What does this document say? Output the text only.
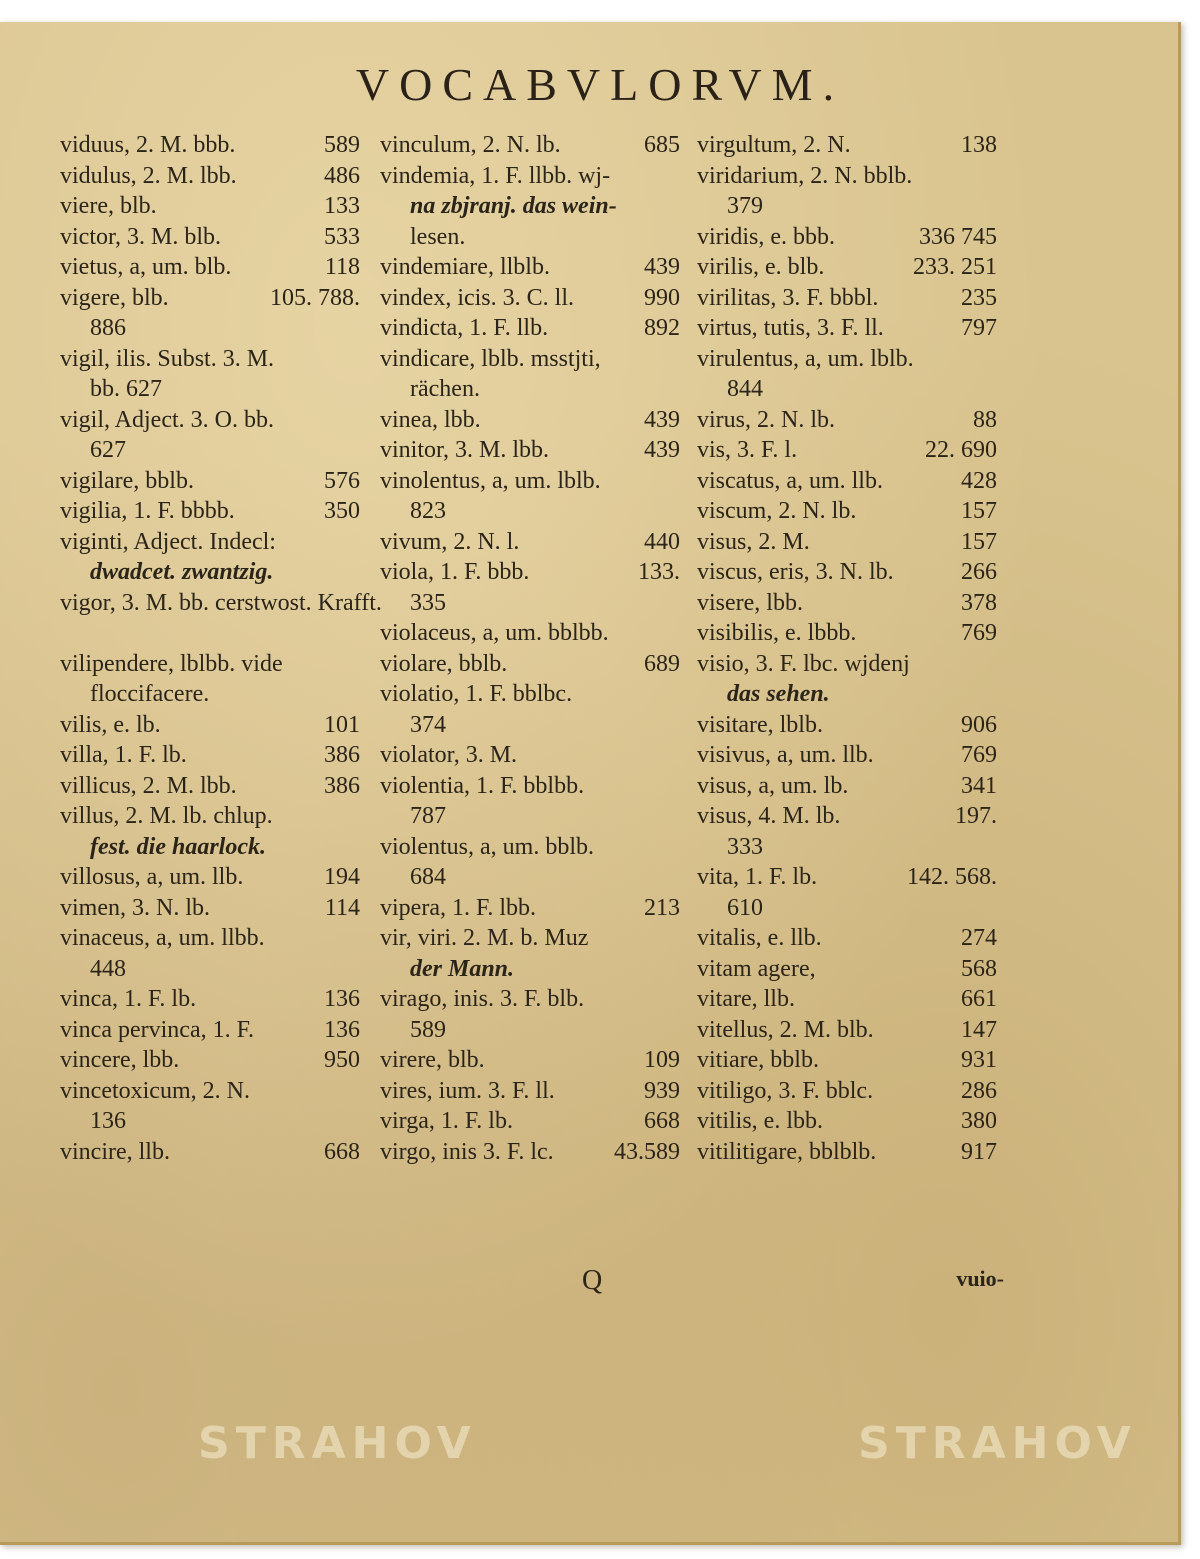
VOCABVLORVM.
viduus, 2. M. bbb.	589
vidulus, 2. M. lbb.	486
viere, blb.	133
victor, 3. M. blb.	533
vietus, a, um. blb.	118
vigere, blb.	105. 788.
886
vigil, ilis. Subst. 3. M.
bb. 627
vigil, Adject. 3. O. bb.
627
vigilare, bblb.	576
vigilia, 1. F. bbbb.	350
viginti, Adject. Indecl:
dwadcet. zwantzig.
vigor, 3. M. bb. cerstwost. Krafft.
vilipendere, lblbb. vide
floccifacere.
vilis, e. lb.	101
villa, 1. F. lb.	386
villicus, 2. M. lbb.	386
villus, 2. M. lb. chlup.
fest. die haarlock.
villosus, a, um. llb.	194
vimen, 3. N. lb.	114
vinaceus, a, um. llbb.
448
vinca, 1. F. lb.	136
vinca pervinca, 1. F.	136
vincere, lbb.	950
vincetoxicum, 2. N.
136
vincire, llb.	668
vinculum, 2. N. lb.	685
vindemia, 1. F. llbb. wj-
na zbjranj. das wein-
lesen.
vindemiare, llblb.	439
vindex, icis. 3. C. ll.	990
vindicta, 1. F. llb.	892
vindicare, lblb. msstjti,
rächen.
vinea, lbb.	439
vinitor, 3. M. lbb.	439
vinolentus, a, um. lblb.
823
vivum, 2. N. l.	440
viola, 1. F. bbb.	133.
335
violaceus, a, um. bblbb.
violare, bblb.	689
violatio, 1. F. bblbc.
374
violator, 3. M.
violentia, 1. F. bblbb.
787
violentus, a, um. bblb.
684
vipera, 1. F. lbb.	213
vir, viri. 2. M. b. Muz
der Mann.
virago, inis. 3. F. blb.
589
virere, blb.	109
vires, ium. 3. F. ll.	939
virga, 1. F. lb.	668
virgo, inis 3. F. lc.	43.589
virgultum, 2. N.	138
viridarium, 2. N. bblb.
379
viridis, e. bbb.	336 745
virilis, e. blb.	233. 251
virilitas, 3. F. bbbl.	235
virtus, tutis, 3. F. ll.	797
virulentus, a, um. lblb.
844
virus, 2. N. lb.	88
vis, 3. F. l.	22. 690
viscatus, a, um. llb.	428
viscum, 2. N. lb.	157
visus, 2. M.	157
viscus, eris, 3. N. lb.	266
visere, lbb.	378
visibilis, e. lbbb.	769
visio, 3. F. lbc. wjdenj
das sehen.
visitare, lblb.	906
visivus, a, um. llb.	769
visus, a, um. lb.	341
visus, 4. M. lb.	197.
333
vita, 1. F. lb.	142. 568.
610
vitalis, e. llb.	274
vitam agere,	568
vitare, llb.	661
vitellus, 2. M. blb.	147
vitiare, bblb.	931
vitiligo, 3. F. bblc.	286
vitilis, e. lbb.	380
vitilitigare, bblblb.	917
Q	vuio-
STRAHOV	STRAHOV
